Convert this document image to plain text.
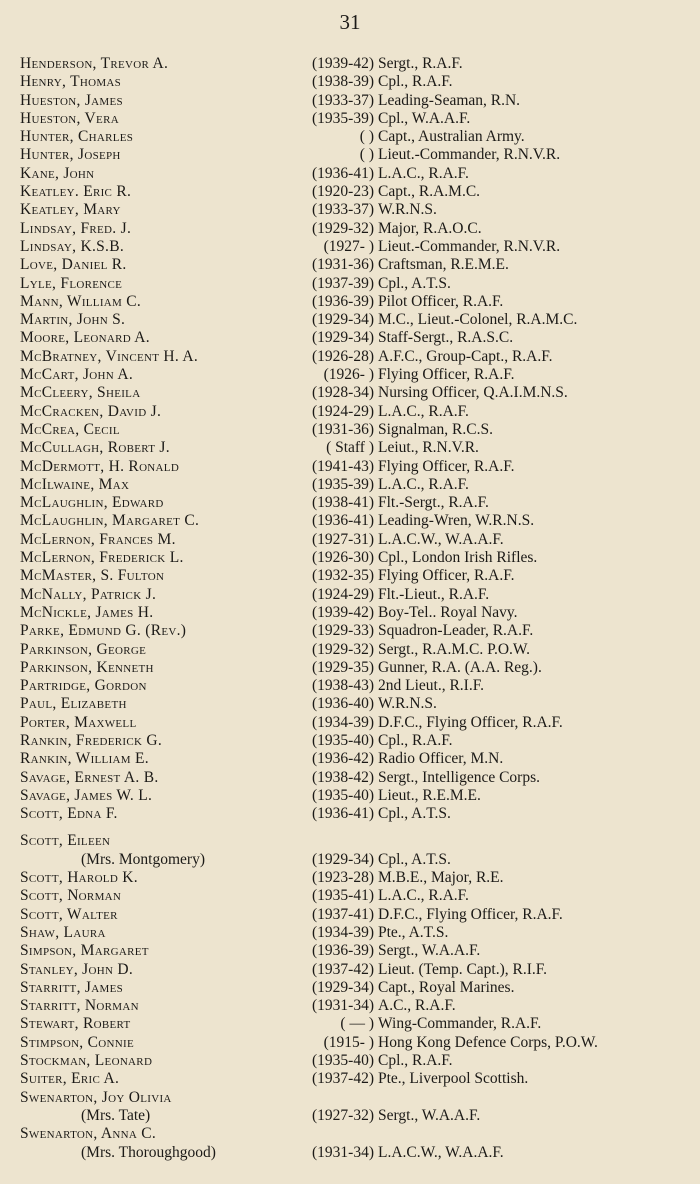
31
Henderson, Trevor A.	(1939-42) Sergt., R.A.F.
Henry, Thomas	(1938-39) Cpl., R.A.F.
Hueston, James	(1933-37) Leading-Seaman, R.N.
Hueston, Vera	(1935-39) Cpl., W.A.A.F.
Hunter, Charles	( ) Capt., Australian Army.
Hunter, Joseph	( ) Lieut.-Commander, R.N.V.R.
Kane, John	(1936-41) L.A.C., R.A.F.
Keatley. Eric R.	(1920-23) Capt., R.A.M.C.
Keatley, Mary	(1933-37) W.R.N.S.
Lindsay, Fred. J.	(1929-32) Major, R.A.O.C.
Lindsay, K.S.B.	(1927- ) Lieut.-Commander, R.N.V.R.
Love, Daniel R.	(1931-36) Craftsman, R.E.M.E.
Lyle, Florence	(1937-39) Cpl., A.T.S.
Mann, William C.	(1936-39) Pilot Officer, R.A.F.
Martin, John S.	(1929-34) M.C., Lieut.-Colonel, R.A.M.C.
Moore, Leonard A.	(1929-34) Staff-Sergt., R.A.S.C.
McBratney, Vincent H. A.	(1926-28) A.F.C., Group-Capt., R.A.F.
McCart, John A.	(1926- ) Flying Officer, R.A.F.
McCleery, Sheila	(1928-34) Nursing Officer, Q.A.I.M.N.S.
McCracken, David J.	(1924-29) L.A.C., R.A.F.
McCrea, Cecil	(1931-36) Signalman, R.C.S.
McCullagh, Robert J.	( Staff ) Leiut., R.N.V.R.
McDermott, H. Ronald	(1941-43) Flying Officer, R.A.F.
McIlwaine, Max	(1935-39) L.A.C., R.A.F.
McLaughlin, Edward	(1938-41) Flt.-Sergt., R.A.F.
McLaughlin, Margaret C.	(1936-41) Leading-Wren, W.R.N.S.
McLernon, Frances M.	(1927-31) L.A.C.W., W.A.A.F.
McLernon, Frederick L.	(1926-30) Cpl., London Irish Rifles.
McMaster, S. Fulton	(1932-35) Flying Officer, R.A.F.
McNally, Patrick J.	(1924-29) Flt.-Lieut., R.A.F.
McNickle, James H.	(1939-42) Boy-Tel.. Royal Navy.
Parke, Edmund G. (Rev.)	(1929-33) Squadron-Leader, R.A.F.
Parkinson, George	(1929-32) Sergt., R.A.M.C. P.O.W.
Parkinson, Kenneth	(1929-35) Gunner, R.A. (A.A. Reg.).
Partridge, Gordon	(1938-43) 2nd Lieut., R.I.F.
Paul, Elizabeth	(1936-40) W.R.N.S.
Porter, Maxwell	(1934-39) D.F.C., Flying Officer, R.A.F.
Rankin, Frederick G.	(1935-40) Cpl., R.A.F.
Rankin, William E.	(1936-42) Radio Officer, M.N.
Savage, Ernest A. B.	(1938-42) Sergt., Intelligence Corps.
Savage, James W. L.	(1935-40) Lieut., R.E.M.E.
Scott, Edna F.	(1936-41) Cpl., A.T.S.
Scott, Eileen
(Mrs. Montgomery)	(1929-34) Cpl., A.T.S.
Scott, Harold K.	(1923-28) M.B.E., Major, R.E.
Scott, Norman	(1935-41) L.A.C., R.A.F.
Scott, Walter	(1937-41) D.F.C., Flying Officer, R.A.F.
Shaw, Laura	(1934-39) Pte., A.T.S.
Simpson, Margaret	(1936-39) Sergt., W.A.A.F.
Stanley, John D.	(1937-42) Lieut. (Temp. Capt.), R.I.F.
Starritt, James	(1929-34) Capt., Royal Marines.
Starritt, Norman	(1931-34) A.C., R.A.F.
Stewart, Robert	( — ) Wing-Commander, R.A.F.
Stimpson, Connie	(1915- ) Hong Kong Defence Corps, P.O.W.
Stockman, Leonard	(1935-40) Cpl., R.A.F.
Suiter, Eric A.	(1937-42) Pte., Liverpool Scottish.
Swenarton, Joy Olivia
(Mrs. Tate)	(1927-32) Sergt., W.A.A.F.
Swenarton, Anna C.
(Mrs. Thoroughgood)	(1931-34) L.A.C.W., W.A.A.F.
